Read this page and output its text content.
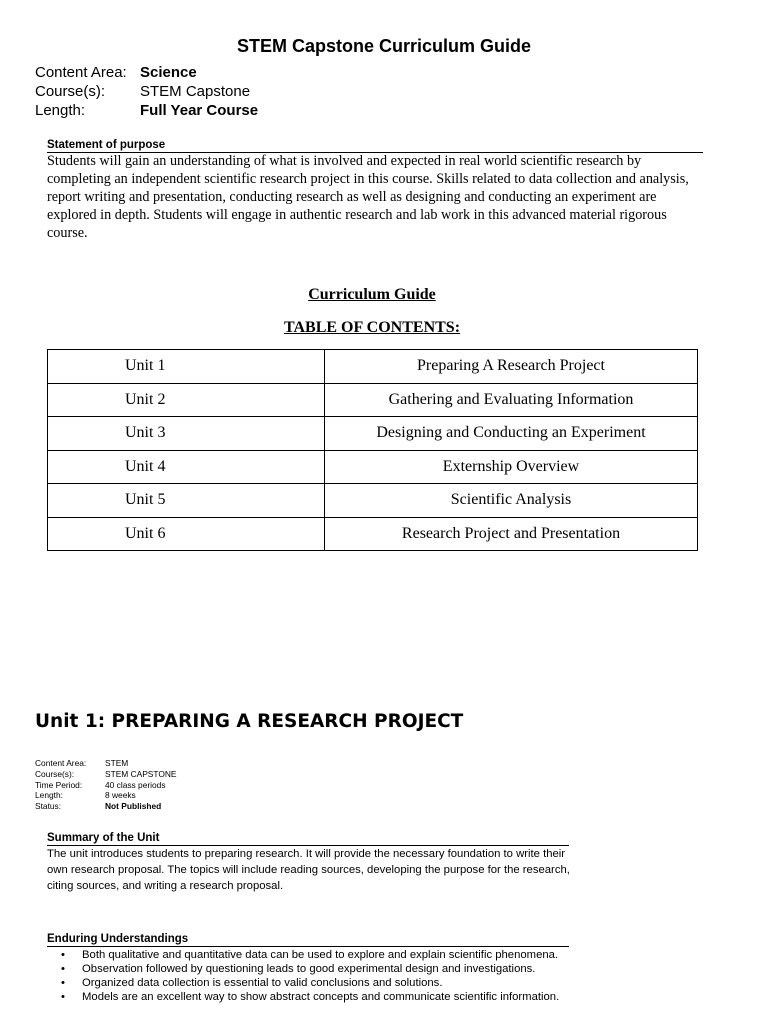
STEM Capstone Curriculum Guide
Content Area: Science
Course(s):	STEM Capstone
Length:	Full Year Course
Statement of purpose
Students will gain an understanding of what is involved and expected in real world scientific research by completing an independent scientific research project in this course. Skills related to data collection and analysis, report writing and presentation, conducting research as well as designing and conducting an experiment are explored in depth. Students will engage in authentic research and lab work in this advanced material rigorous course.
Curriculum Guide
TABLE OF CONTENTS:
Unit 1	Preparing A Research Project
Unit 2	Gathering and Evaluating Information
Unit 3	Designing and Conducting an Experiment
Unit 4	Externship Overview
Unit 5	Scientific Analysis
Unit 6	Research Project and Presentation
Unit 1: PREPARING A RESEARCH PROJECT
Content Area:	STEM
Course(s):	STEM CAPSTONE
Time Period:	40 class periods
Length:	8 weeks
Status:	Not Published
Summary of the Unit
The unit introduces students to preparing research. It will provide the necessary foundation to write their own research proposal. The topics will include reading sources, developing the purpose for the research, citing sources, and writing a research proposal.
Enduring Understandings
• Both qualitative and quantitative data can be used to explore and explain scientific phenomena.
• Observation followed by questioning leads to good experimental design and investigations.
• Organized data collection is essential to valid conclusions and solutions.
• Models are an excellent way to show abstract concepts and communicate scientific information.
